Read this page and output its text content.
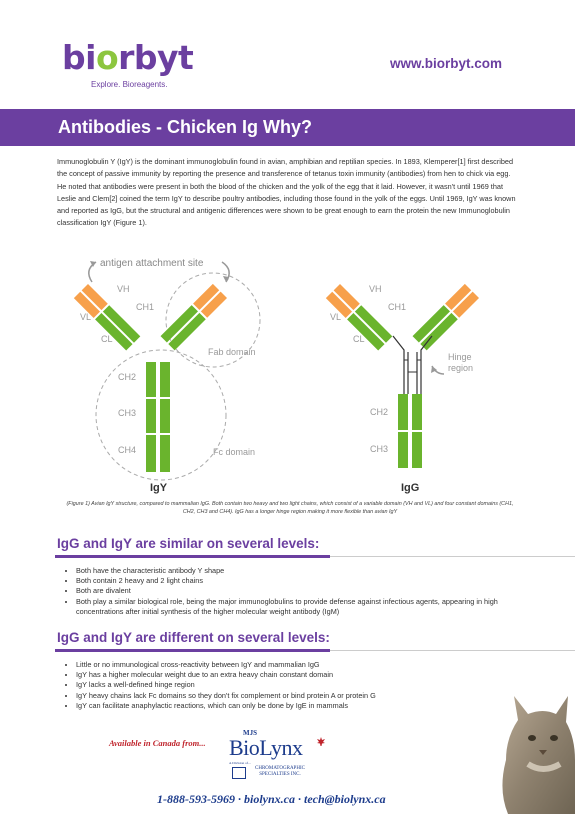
biorbyt
Explore. Bioreagents.
www.biorbyt.com
Antibodies - Chicken Ig Why?
Immunoglobulin Y (IgY) is the dominant immunoglobulin found in avian, amphibian and reptilian species. In 1893, Klemperer[1] first described the concept of passive immunity by reporting the presence and transference of tetanus toxin immunity (antibodies) from hen to chick via egg. He noted that antibodies were present in both the blood of the chicken and the yolk of the egg that it laid. However, it wasn't until 1969 that Leslie and Clem[2] coined the term IgY to describe poultry antibodies, including those found in the yolk of the eggs. Until 1969, IgY was known and reported as IgG, but the structural and antigenic differences were shown to be great enough to earn the protein the new Immunoglobulin classification IgY (Figure 1).
antigen attachment site
VH
VL
CH1
CL
Fab domain
CH2
CH3
CH4	Fc domain
IgY
VH
VL
CH1
CL
Hinge
region
CH2
CH3
IgG
(Figure 1) Avian IgY structure, compared to mammalian IgG. Both contain two heavy and two light chains, which consist of a variable domain (VH and VL) and four constant domains (CH1, CH2, CH3 and CH4). IgG has a longer hinge region making it more flexible than avian IgY
IgG and IgY are similar on several levels:
• Both have the characteristic antibody Y shape
• Both contain 2 heavy and 2 light chains
• Both are divalent
• Both play a similar biological role, being the major immunoglobulins to provide defense against infectious agents, appearing in high concentrations after initial synthesis of the higher molecular weight antibody (IgM)
IgG and IgY are different on several levels:
• Little or no immunological cross-reactivity between IgY and mammalian IgG
• IgY has a higher molecular weight due to an extra heavy chain constant domain
• IgY lacks a well-defined hinge region
• IgY heavy chains lack Fc domains so they don't fix complement or bind protein A or protein G
• IgY can facilitate anaphylactic reactions, which can only be done by IgE in mammals
Available in Canada from...
MJS
BioLynx
A Division of...
CHROMATOGRAPHIC SPECIALTIES INC.
1-888-593-5969 · biolynx.ca · tech@biolynx.ca
